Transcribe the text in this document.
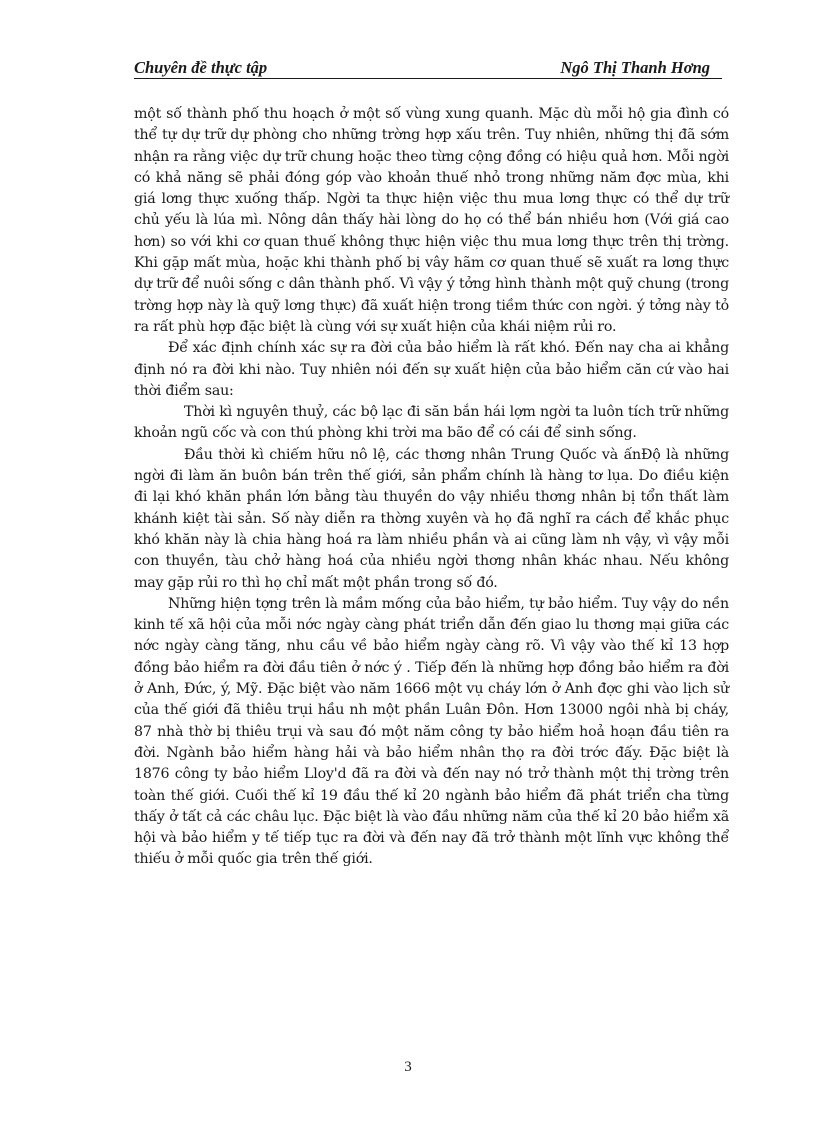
Chuyên đề thực tập	Ngô Thị Thanh Hơng

một số thành phố thu hoạch ở một số vùng xung quanh. Mặc dù mỗi hộ gia đình có thể tự dự trữ dự phòng cho những trờng hợp xấu trên. Tuy nhiên, những thị đã sớm nhận ra rằng việc dự trữ chung hoặc theo từng cộng đồng có hiệu quả hơn. Mỗi ngời có khả năng sẽ phải đóng góp vào khoản thuế nhỏ trong những năm đợc mùa, khi giá lơng thực xuống thấp. Ngời ta thực hiện việc thu mua lơng thực có thể dự trữ chủ yếu là lúa mì. Nông dân thấy hài lòng do họ có thể bán nhiều hơn (Với giá cao hơn) so với khi cơ quan thuế không thực hiện việc thu mua lơng thực trên thị trờng. Khi gặp mất mùa, hoặc khi thành phố bị vây hãm cơ quan thuế sẽ xuất ra lơng thực dự trữ để nuôi sống c dân thành phố. Vì vậy ý tởng hình thành một quỹ chung (trong trờng hợp này là quỹ lơng thực) đã xuất hiện trong tiềm thức con ngời. ý tởng này tỏ ra rất phù hợp đặc biệt là cùng với sự xuất hiện của khái niệm rủi ro.

Để xác định chính xác sự ra đời của bảo hiểm là rất khó. Đến nay cha ai khẳng định nó ra đời khi nào. Tuy nhiên nói đến sự xuất hiện của bảo hiểm căn cứ vào hai thời điểm sau:

Thời kì nguyên thuỷ, các bộ lạc đi săn bắn hái lợm ngời ta luôn tích trữ những khoản ngũ cốc và con thú phòng khi trời ma bão để có cái để sinh sống.

Đầu thời kì chiếm hữu nô lệ, các thơng nhân Trung Quốc và ấnĐộ là những ngời đi làm ăn buôn bán trên thế giới, sản phẩm chính là hàng tơ lụa. Do điều kiện đi lại khó khăn phần lớn bằng tàu thuyền do vậy nhiều thơng nhân bị tổn thất làm khánh kiệt tài sản. Số này diễn ra thờng xuyên và họ đã nghĩ ra cách để khắc phục khó khăn này là chia hàng hoá ra làm nhiều phần và ai cũng làm nh vậy, vì vậy mỗi con thuyền, tàu chở hàng hoá của nhiều ngời thơng nhân khác nhau. Nếu không may gặp rủi ro thì họ chỉ mất một phần trong số đó.

Những hiện tợng trên là mầm mống của bảo hiểm, tự bảo hiểm. Tuy vậy do nền kinh tế xã hội của mỗi nớc ngày càng phát triển dẫn đến giao lu thơng mại giữa các nớc ngày càng tăng, nhu cầu về bảo hiểm ngày càng rõ. Vì vậy vào thế kỉ 13 hợp đồng bảo hiểm ra đời đầu tiên ở nớc ý . Tiếp đến là những hợp đồng bảo hiểm ra đời ở Anh, Đức, ý, Mỹ. Đặc biệt vào năm 1666 một vụ cháy lớn ở Anh đợc ghi vào lịch sử của thế giới đã thiêu trụi hầu nh một phần Luân Đôn. Hơn 13000 ngôi nhà bị cháy, 87 nhà thờ bị thiêu trụi và sau đó một năm công ty bảo hiểm hoả hoạn đầu tiên ra đời. Ngành bảo hiểm hàng hải và bảo hiểm nhân thọ ra đời trớc đấy. Đặc biệt là 1876 công ty bảo hiểm Lloy'd đã ra đời và đến nay nó trở thành một thị trờng trên toàn thế giới. Cuối thế kỉ 19 đầu thế kỉ 20 ngành bảo hiểm đã phát triển cha từng thấy ở tất cả các châu lục. Đặc biệt là vào đầu những năm của thế kỉ 20 bảo hiểm xã hội và bảo hiểm y tế tiếp tục ra đời và đến nay đã trở thành một lĩnh vực không thể thiếu ở mỗi quốc gia trên thế giới.

3
